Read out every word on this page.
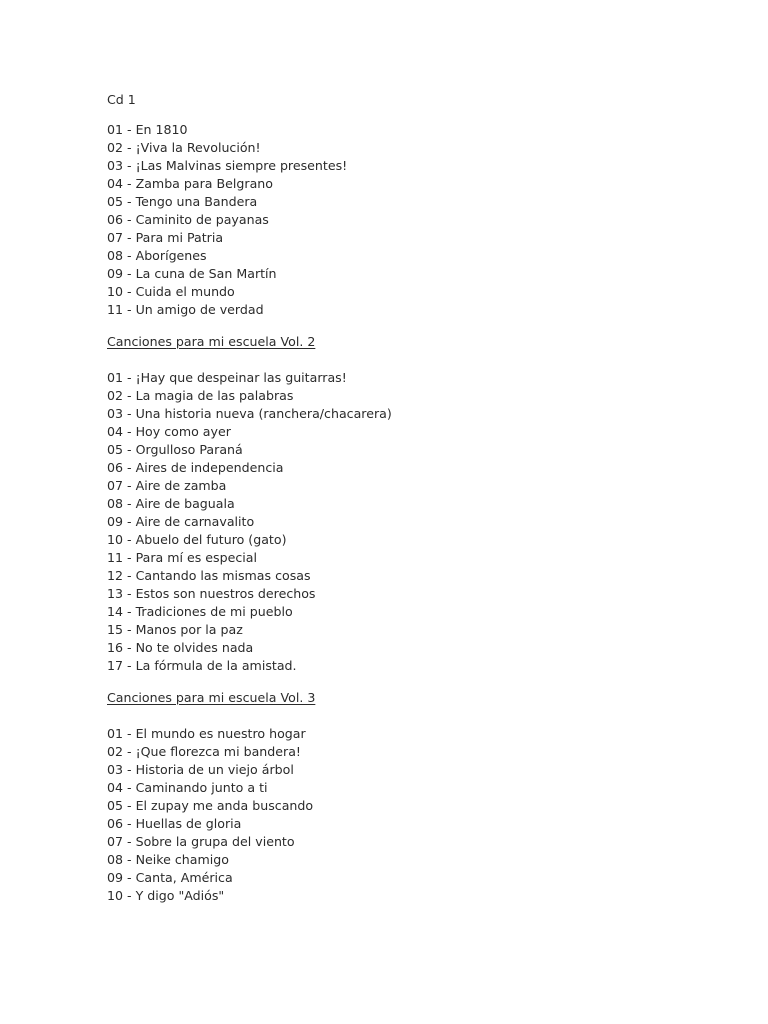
Cd 1
01 - En 1810
02 - ¡Viva la Revolución!
03 - ¡Las Malvinas siempre presentes!
04 - Zamba para Belgrano
05 - Tengo una Bandera
06 - Caminito de payanas
07 - Para mi Patria
08 - Aborígenes
09 - La cuna de San Martín
10 - Cuida el mundo
11 - Un amigo de verdad
Canciones para mi escuela Vol. 2
01 - ¡Hay que despeinar las guitarras!
02 - La magia de las palabras
03 - Una historia nueva (ranchera/chacarera)
04 - Hoy como ayer
05 - Orgulloso Paraná
06 - Aires de independencia
07 - Aire de zamba
08 - Aire de baguala
09 - Aire de carnavalito
10 - Abuelo del futuro (gato)
11 - Para mí es especial
12 - Cantando las mismas cosas
13 - Estos son nuestros derechos
14 - Tradiciones de mi pueblo
15 - Manos por la paz
16 - No te olvides nada
17 - La fórmula de la amistad.
Canciones para mi escuela Vol. 3
01 - El mundo es nuestro hogar
02 - ¡Que florezca mi bandera!
03 - Historia de un viejo árbol
04 - Caminando junto a ti
05 - El zupay me anda buscando
06 - Huellas de gloria
07 - Sobre la grupa del viento
08 - Neike chamigo
09 - Canta, América
10 - Y digo "Adiós"
